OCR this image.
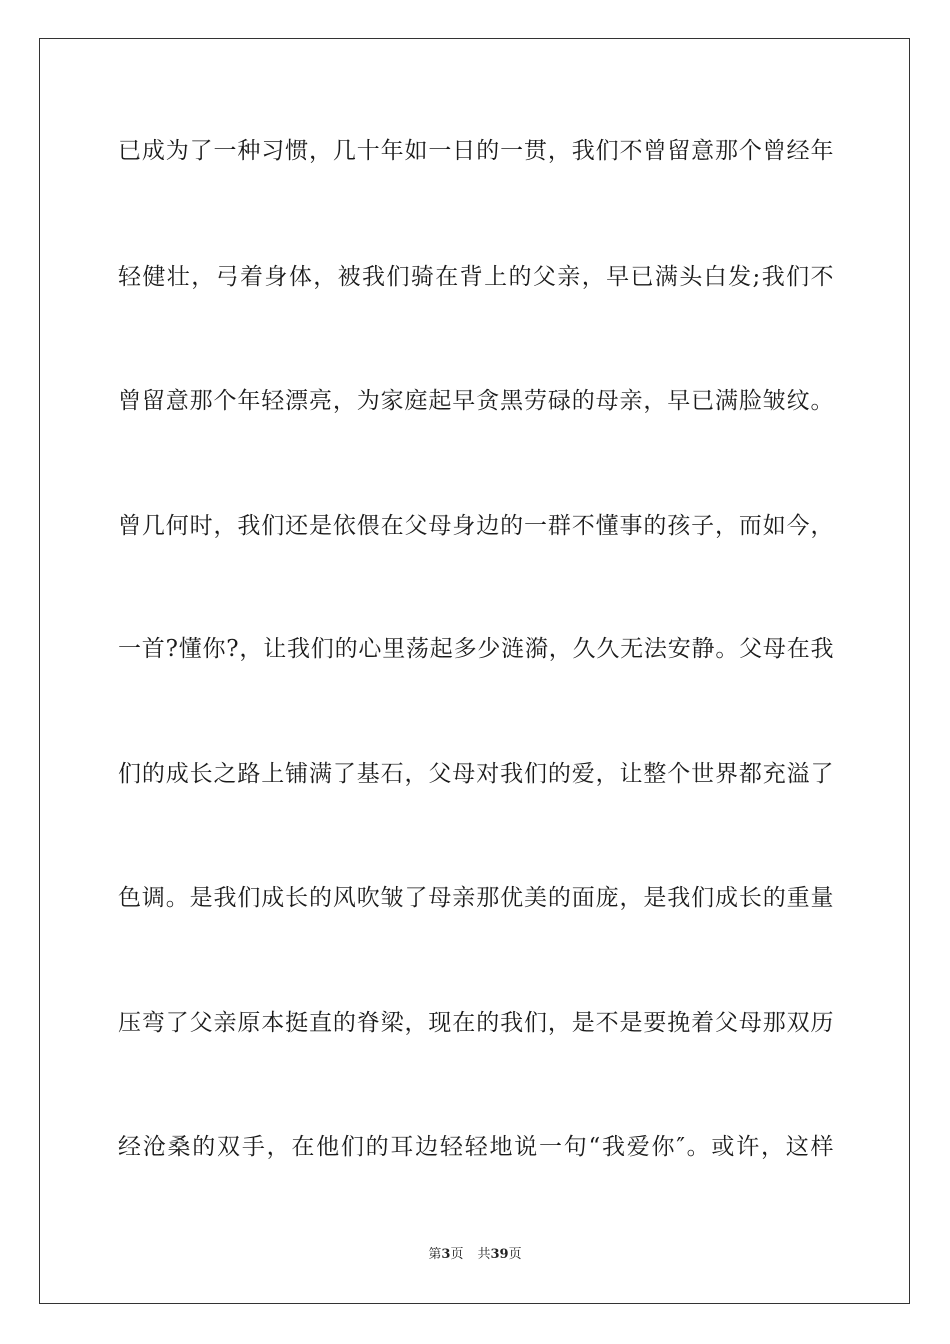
已成为了一种习惯，几十年如一日的一贯，我们不曾留意那个曾经年
轻健壮，弓着身体，被我们骑在背上的父亲，早已满头白发;我们不
曾留意那个年轻漂亮，为家庭起早贪黑劳碌的母亲，早已满脸皱纹。
曾几何时，我们还是依偎在父母身边的一群不懂事的孩子，而如今，
一首?懂你?，让我们的心里荡起多少涟漪，久久无法安静。父母在我
们的成长之路上铺满了基石，父母对我们的爱，让整个世界都充溢了
色调。是我们成长的风吹皱了母亲那优美的面庞，是我们成长的重量
压弯了父亲原本挺直的脊梁，现在的我们，是不是要挽着父母那双历
经沧桑的双手，在他们的耳边轻轻地说一句“我爱你″。或许，这样
第3页 共39页
